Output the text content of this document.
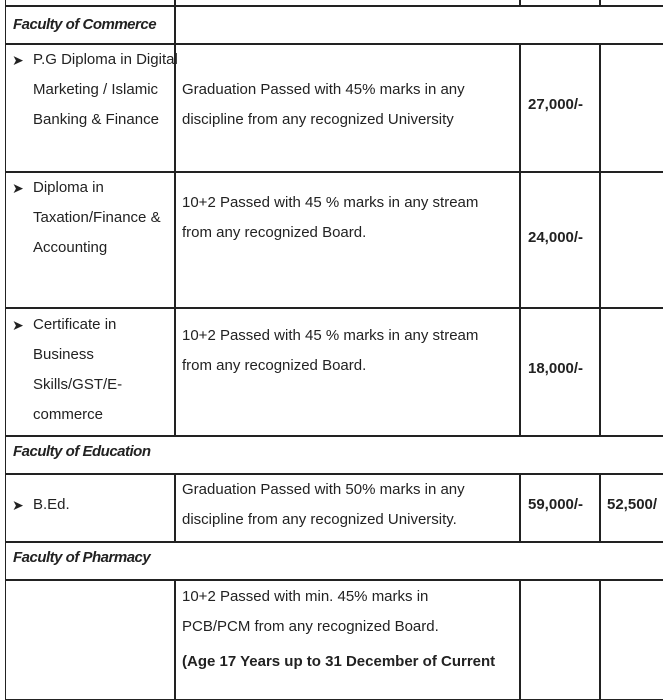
Faculty of Commerce
➤ P.G Diploma in Digital Marketing / Islamic Banking & Finance
Graduation Passed with 45% marks in any discipline from any recognized University
27,000/-
➤ Diploma in Taxation/Finance & Accounting
10+2 Passed with 45 % marks in any stream from any recognized Board.	24,000/-
➤ Certificate in Business Skills/GST/E-commerce
10+2 Passed with 45 % marks in any stream from any recognized Board.	18,000/-
Faculty of Education
➤ B.Ed.
Graduation Passed with 50% marks in any discipline from any recognized University.
59,000/- 52,500/
Faculty of Pharmacy
10+2 Passed with min. 45% marks in PCB/PCM from any recognized Board.
(Age 17 Years up to 31 December of Current
